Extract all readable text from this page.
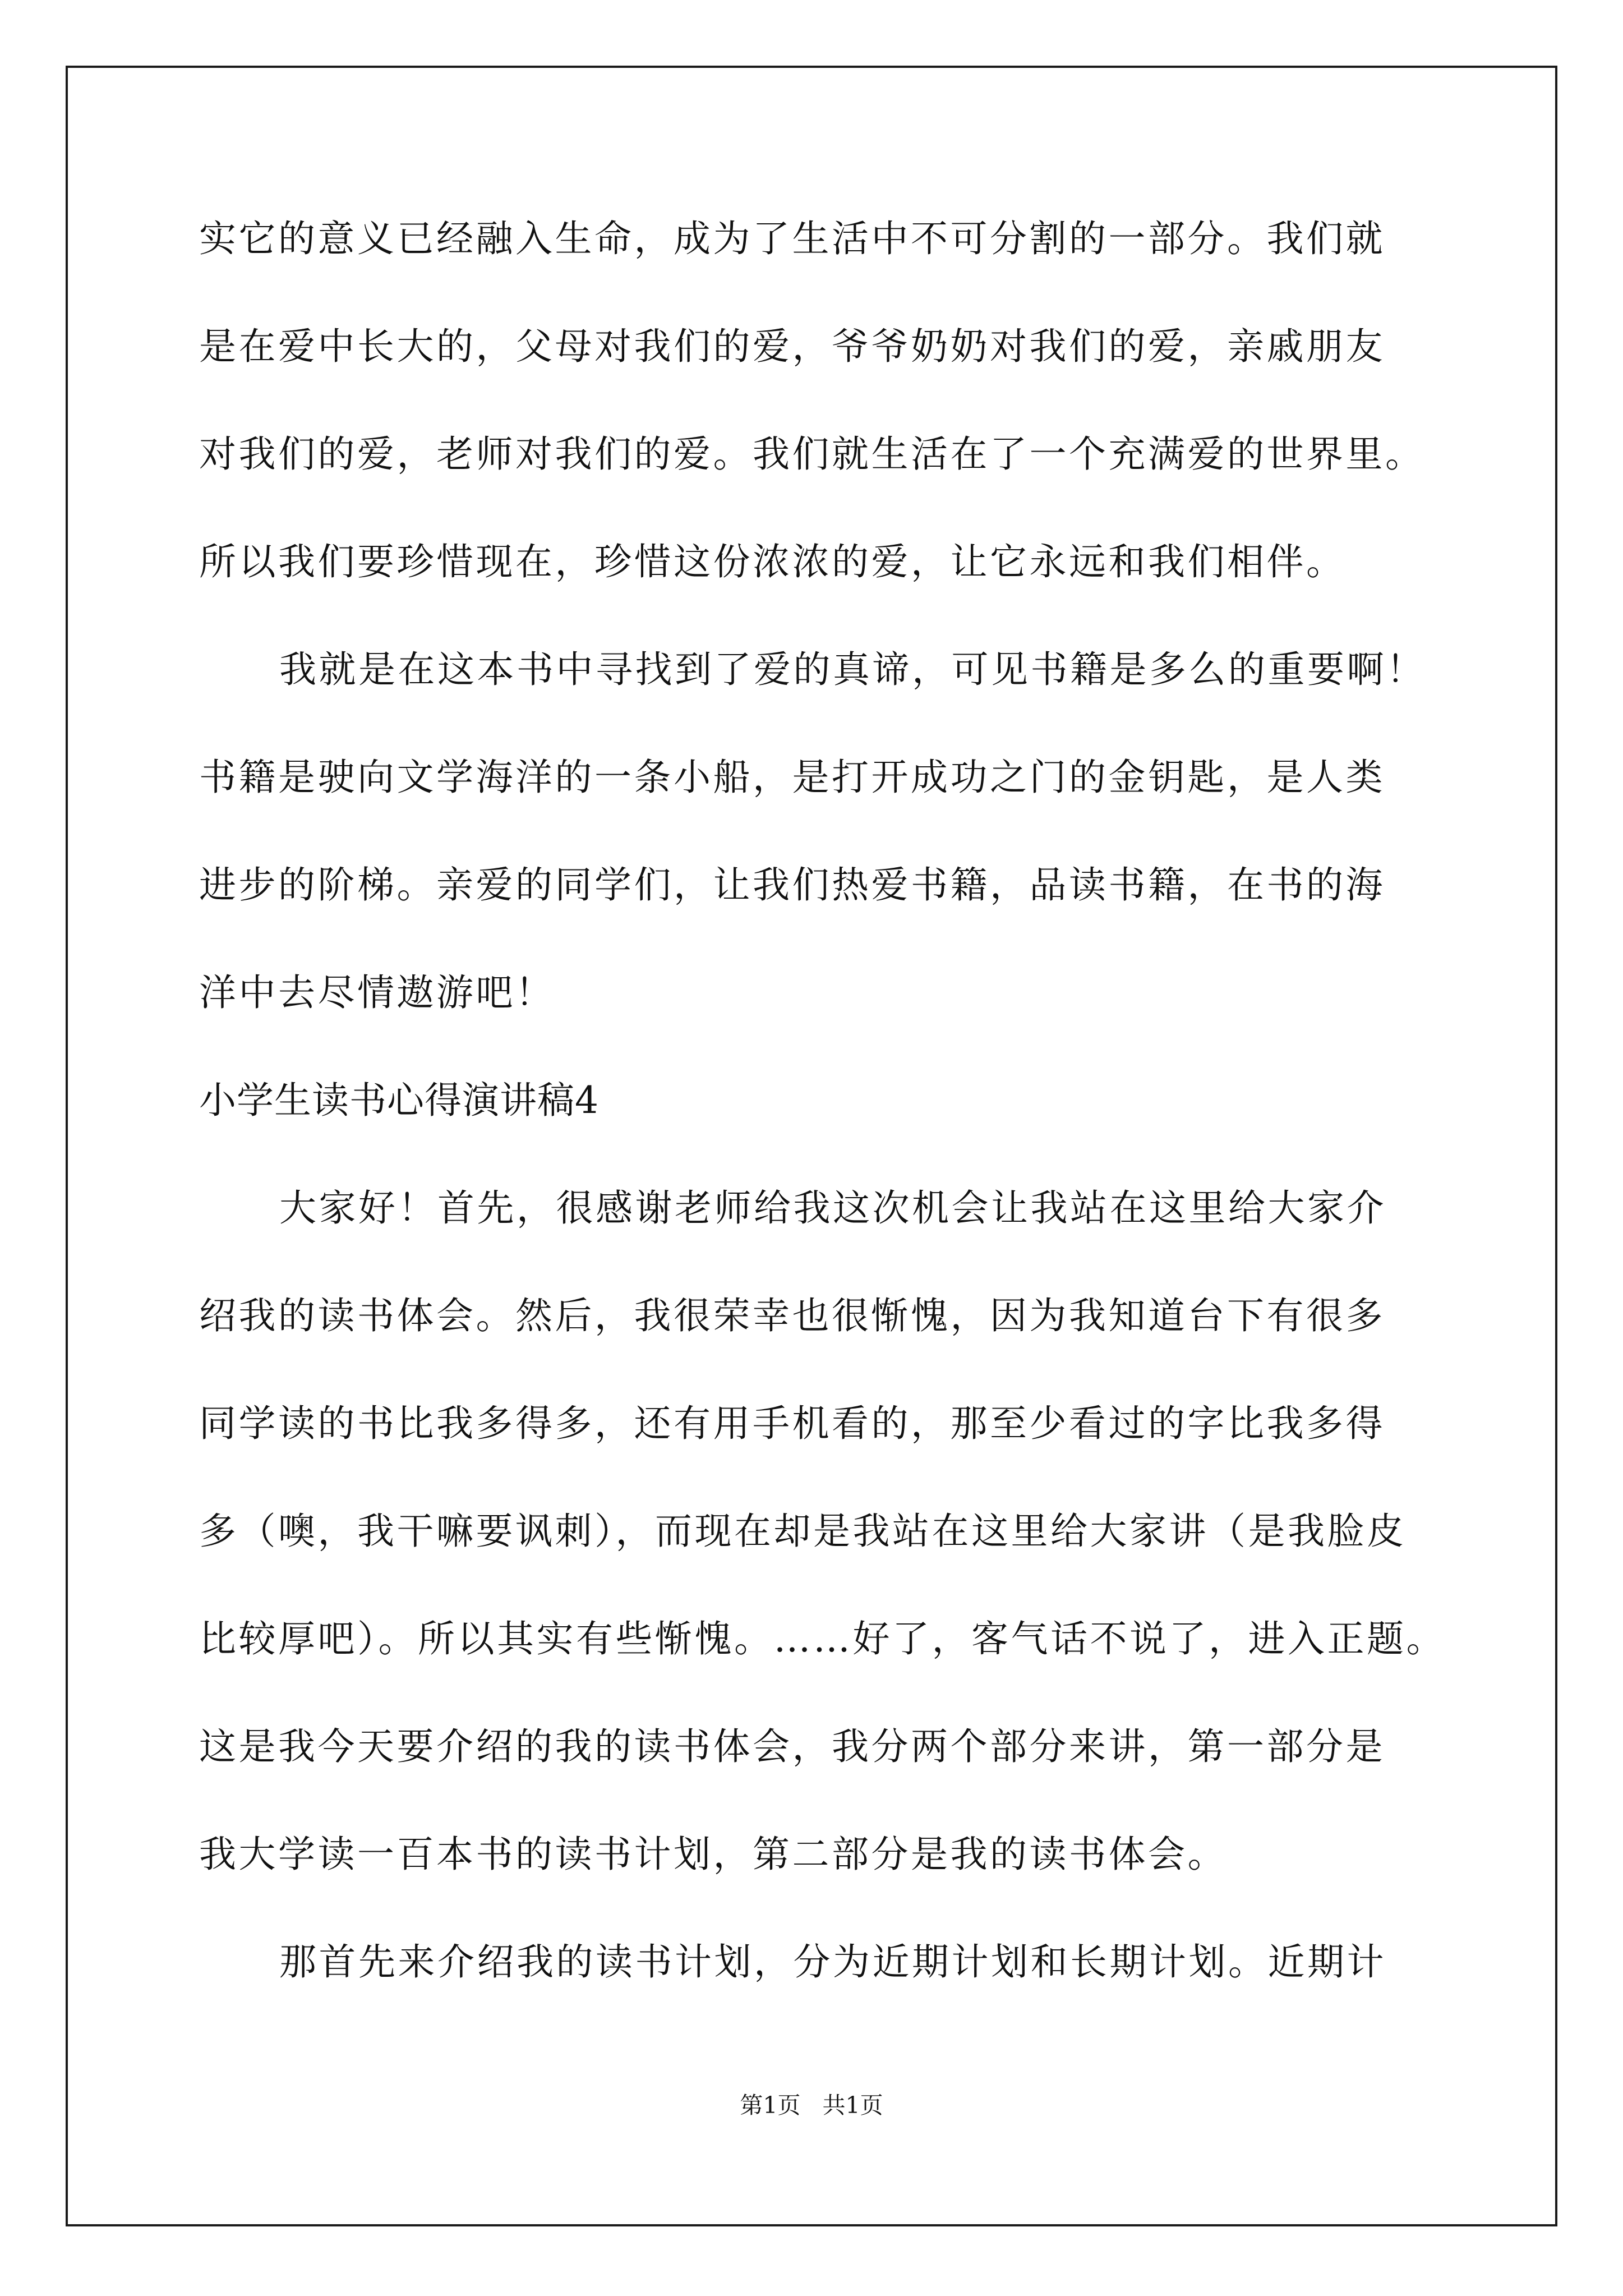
实它的意义已经融入生命，成为了生活中不可分割的一部分。我们就
是在爱中长大的，父母对我们的爱，爷爷奶奶对我们的爱，亲戚朋友
对我们的爱，老师对我们的爱。我们就生活在了一个充满爱的世界里。
所以我们要珍惜现在，珍惜这份浓浓的爱，让它永远和我们相伴。
我就是在这本书中寻找到了爱的真谛，可见书籍是多么的重要啊！
书籍是驶向文学海洋的一条小船，是打开成功之门的金钥匙，是人类
进步的阶梯。亲爱的同学们，让我们热爱书籍，品读书籍，在书的海
洋中去尽情遨游吧！
小学生读书心得演讲稿4
大家好！首先，很感谢老师给我这次机会让我站在这里给大家介
绍我的读书体会。然后，我很荣幸也很惭愧，因为我知道台下有很多
同学读的书比我多得多，还有用手机看的，那至少看过的字比我多得
多（噢，我干嘛要讽刺），而现在却是我站在这里给大家讲（是我脸皮
比较厚吧）。所以其实有些惭愧。……好了，客气话不说了，进入正题。
这是我今天要介绍的我的读书体会，我分两个部分来讲，第一部分是
我大学读一百本书的读书计划，第二部分是我的读书体会。
那首先来介绍我的读书计划，分为近期计划和长期计划。近期计
第1页   共1页
